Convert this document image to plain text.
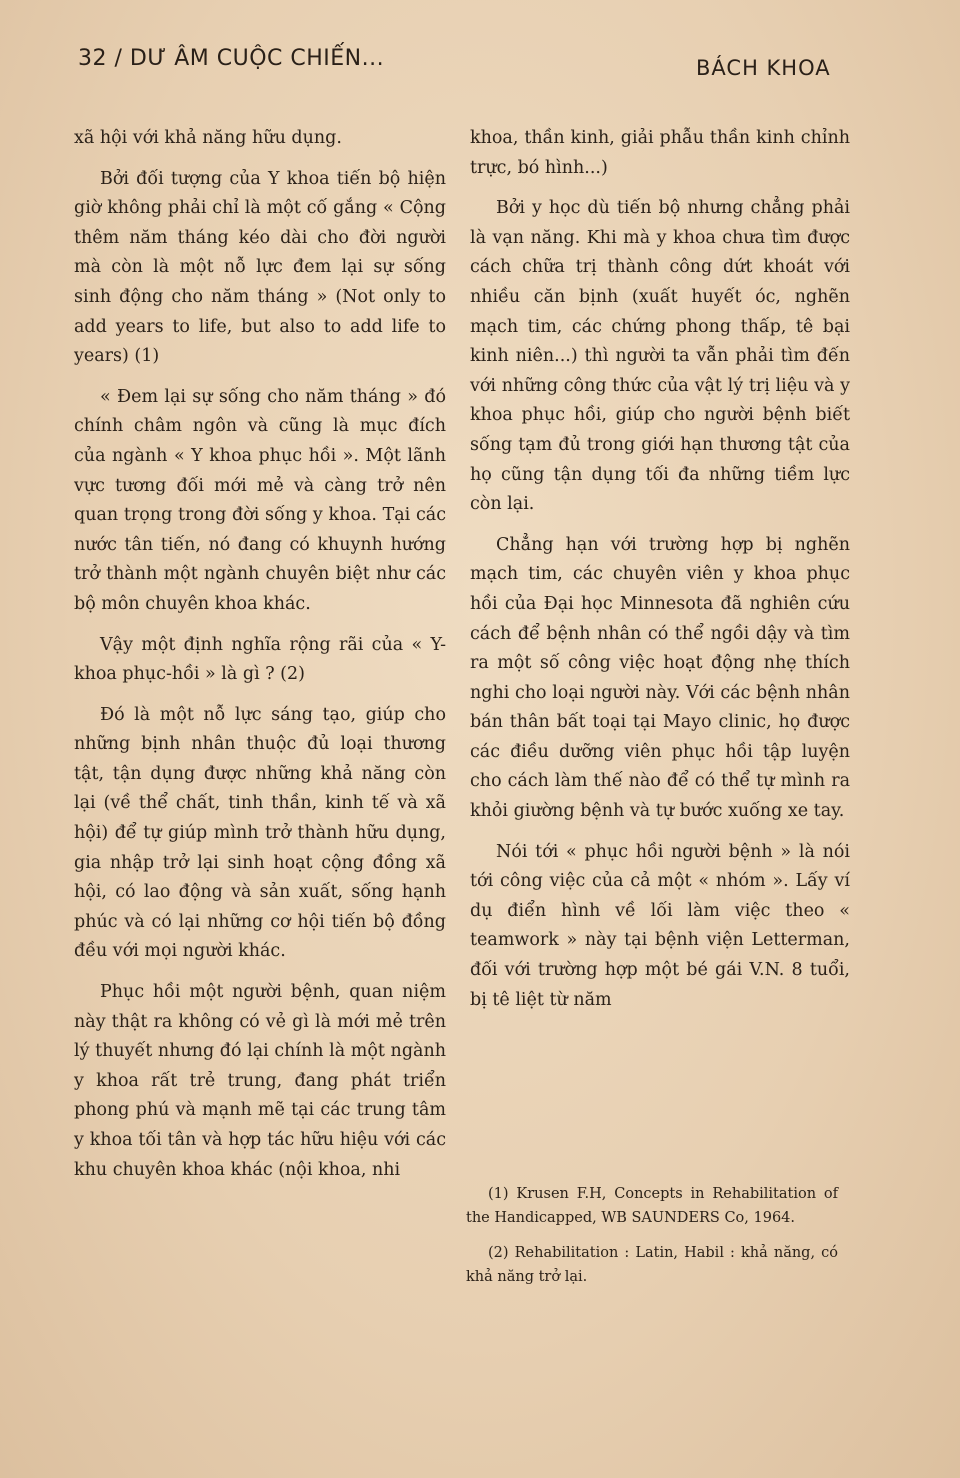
32 / DƯ ÂM CUỘC CHIẾN...	BÁCH KHOA

xã hội với khả năng hữu dụng.

Bởi đối tượng của Y khoa tiến bộ hiện giờ không phải chỉ là một cố gắng « Cộng thêm năm tháng kéo dài cho đời người mà còn là một nỗ lực đem lại sự sống sinh động cho năm tháng » (Not only to add years to life, but also to add life to years) (1)

« Đem lại sự sống cho năm tháng » đó chính châm ngôn và cũng là mục đích của ngành « Y khoa phục hồi ». Một lãnh vực tương đối mới mẻ và càng trở nên quan trọng trong đời sống y khoa. Tại các nước tân tiến, nó đang có khuynh hướng trở thành một ngành chuyên biệt như các bộ môn chuyên khoa khác.

Vậy một định nghĩa rộng rãi của « Y-khoa phục-hồi » là gì ? (2)

Đó là một nỗ lực sáng tạo, giúp cho những bịnh nhân thuộc đủ loại thương tật, tận dụng được những khả năng còn lại (về thể chất, tinh thần, kinh tế và xã hội) để tự giúp mình trở thành hữu dụng, gia nhập trở lại sinh hoạt cộng đồng xã hội, có lao động và sản xuất, sống hạnh phúc và có lại những cơ hội tiến bộ đồng đều với mọi người khác.

Phục hồi một người bệnh, quan niệm này thật ra không có vẻ gì là mới mẻ trên lý thuyết nhưng đó lại chính là một ngành y khoa rất trẻ trung, đang phát triển phong phú và mạnh mẽ tại các trung tâm y khoa tối tân và hợp tác hữu hiệu với các khu chuyên khoa khác (nội khoa, nhi

khoa, thần kinh, giải phẫu thần kinh chỉnh trực, bó hình...)

Bởi y học dù tiến bộ nhưng chẳng phải là vạn năng. Khi mà y khoa chưa tìm được cách chữa trị thành công dứt khoát với nhiều căn bịnh (xuất huyết óc, nghẽn mạch tim, các chứng phong thấp, tê bại kinh niên...) thì người ta vẫn phải tìm đến với những công thức của vật lý trị liệu và y khoa phục hồi, giúp cho người bệnh biết sống tạm đủ trong giới hạn thương tật của họ cũng tận dụng tối đa những tiềm lực còn lại.

Chẳng hạn với trường hợp bị nghẽn mạch tim, các chuyên viên y khoa phục hồi của Đại học Minnesota đã nghiên cứu cách để bệnh nhân có thể ngồi dậy và tìm ra một số công việc hoạt động nhẹ thích nghi cho loại người này. Với các bệnh nhân bán thân bất toại tại Mayo clinic, họ được các điều dưỡng viên phục hồi tập luyện cho cách làm thế nào để có thể tự mình ra khỏi giường bệnh và tự bước xuống xe tay.

Nói tới « phục hồi người bệnh » là nói tới công việc của cả một « nhóm ». Lấy ví dụ điển hình về lối làm việc theo « teamwork » này tại bệnh viện Letterman, đối với trường hợp một bé gái V.N. 8 tuổi, bị tê liệt từ năm

(1) Krusen F.H, Concepts in Rehabilitation of the Handicapped, WB SAUNDERS Co, 1964.

(2) Rehabilitation : Latin, Habil : khả năng, có khả năng trở lại.
